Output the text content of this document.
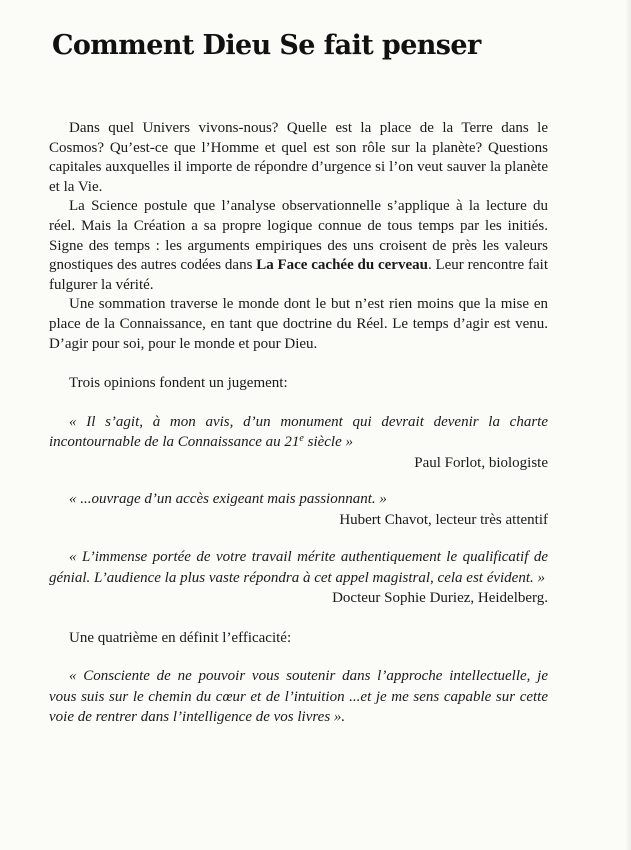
Comment Dieu Se fait penser

Dans quel Univers vivons-nous? Quelle est la place de la Terre dans le Cosmos? Qu’est-ce que l’Homme et quel est son rôle sur la planète? Questions capitales auxquelles il importe de répondre d’urgence si l’on veut sauver la planète et la Vie.

La Science postule que l’analyse observationnelle s’applique à la lecture du réel. Mais la Création a sa propre logique connue de tous temps par les initiés. Signe des temps : les arguments empiriques des uns croisent de près les valeurs gnostiques des autres codées dans La Face cachée du cerveau. Leur rencontre fait fulgurer la vérité.

Une sommation traverse le monde dont le but n’est rien moins que la mise en place de la Connaissance, en tant que doctrine du Réel. Le temps d’agir est venu. D’agir pour soi, pour le monde et pour Dieu.

Trois opinions fondent un jugement:

« Il s’agit, à mon avis, d’un monument qui devrait devenir la charte incontournable de la Connaissance au 21e siècle »

Paul Forlot, biologiste

« ...ouvrage d’un accès exigeant mais passionnant. »

Hubert Chavot, lecteur très attentif

« L’immense portée de votre travail mérite authentiquement le qualificatif de génial. L’audience la plus vaste répondra à cet appel magistral, cela est évident. »

Docteur Sophie Duriez, Heidelberg.

Une quatrième en définit l’efficacité:

« Consciente de ne pouvoir vous soutenir dans l’approche intellectuelle, je vous suis sur le chemin du cœur et de l’intuition ...et je me sens capable sur cette voie de rentrer dans l’intelligence de vos livres ».
